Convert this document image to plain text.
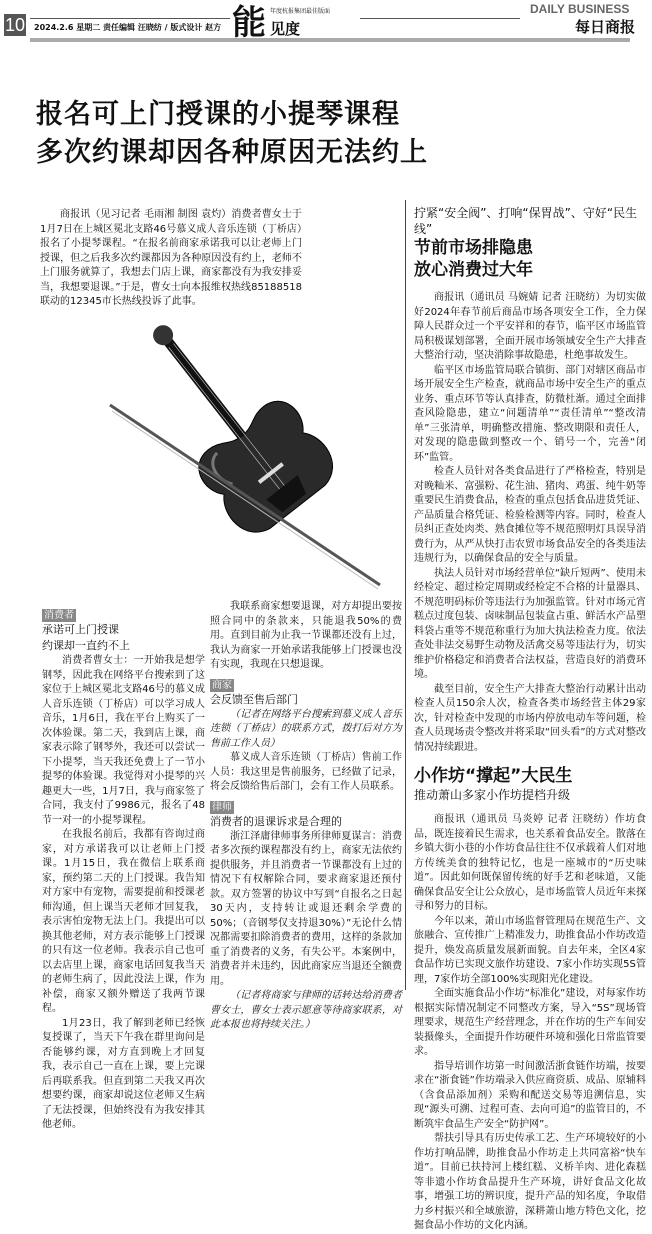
10 2024.2.6 星期二 责任编辑 汪晓纺 / 版式设计 赵方 能 年度杭报集团最佳版面
见度
DAILY BUSINESS
每日商报
报名可上门授课的小提琴课程
多次约课却因各种原因无法约上

商报讯（见习记者 毛雨湘 制图 袁灼）消费者曹女士于1月7日在上城区冕北支路46号慕义成人音乐连锁（丁桥店）报名了小提琴课程。“在报名前商家承诺我可以让老师上门授课，但之后我多次约课都因为各种原因没有约上，老师不上门服务就算了，我想去门店上课，商家都没有为我安排妥当，我想要退课。”于是，曹女士向本报维权热线85188518联动的12345市长热线投诉了此事。

消费者
承诺可上门授课
约课却一直约不上

消费者曹女士：一开始我是想学钢琴，因此我在网络平台搜索到了这家位于上城区冕北支路46号的慕义成人音乐连锁（丁桥店）可以学习成人音乐，1月6日，我在平台上购买了一次体验课。第二天，我到店上课，商家表示除了钢琴外，我还可以尝试一下小提琴，当天我还免费上了一节小提琴的体验课。我觉得对小提琴的兴趣更大一些，1月7日，我与商家签了合同，我支付了9986元，报名了48节一对一的小提琴课程。

在我报名前后，我都有咨询过商家，对方承诺我可以让老师上门授课。1月15日，我在微信上联系商家，预约第二天的上门授课。我告知对方家中有宠物，需要提前和授课老师沟通，但上课当天老师才回复我，表示害怕宠物无法上门。我提出可以换其他老师，对方表示能够上门授课的只有这一位老师。我表示自己也可以去店里上课，商家电话回复我当天的老师生病了，因此没法上课，作为补偿，商家又额外赠送了我两节课程。

1月23日，我了解到老师已经恢复授课了，当天下午我在群里询问是否能够约课，对方直到晚上才回复我，表示自己一直在上课，要上完课后再联系我。但直到第二天我又再次想要约课，商家却说这位老师又生病了无法授课，但始终没有为我安排其他老师。

我联系商家想要退课，对方却提出要按照合同中的条款来，只能退我50%的费用。直到目前为止我一节课都还没有上过，我认为商家一开始承诺我能够上门授课也没有实现，我现在只想退课。

商家
会反馈至售后部门

（记者在网络平台搜索到慕义成人音乐连锁（丁桥店）的联系方式，拨打后对方为售前工作人员）

慕义成人音乐连锁（丁桥店）售前工作人员：我这里是售前服务，已经做了记录，将会反馈给售后部门，会有工作人员联系。

律师
消费者的退课诉求是合理的

浙江泽庸律师事务所律师夏谋言：消费者多次预约课程都没有约上，商家无法依约提供服务，并且消费者一节课都没有上过的情况下有权解除合同，要求商家退还预付款。双方签署的协议中写到“自报名之日起30天内，支持转让或退还剩余学费的50%；（音钢琴仅支持退30%）”无论什么情况都需要扣除消费者的费用，这样的条款加重了消费者的义务，有失公平。本案例中，消费者并未违约，因此商家应当退还全额费用。

（记者将商家与律师的话转达给消费者曹女士，曹女士表示愿意等待商家联系，对此本报也将持续关注。）

拧紧“安全阀”、打响“保胃战”、守好“民生线”
节前市场排隐患
放心消费过大年

商报讯（通讯员 马婉婧 记者 汪晓纺）为切实做好2024年春节前后商品市场各项安全工作，全力保障人民群众过一个平安祥和的春节，临平区市场监管局积极谋划部署，全面开展市场领域安全生产大排查大整治行动，坚决消除事故隐患，杜绝事故发生。

临平区市场监管局联合镇街、部门对辖区商品市场开展安全生产检查，就商品市场中安全生产的重点业务、重点环节等认真排查，防微杜渐。通过全面排查风险隐患，建立“问题清单”“责任清单”“整改清单”三张清单，明确整改措施、整改期限和责任人，对发现的隐患做到整改一个、销号一个，完善“闭环”监管。

检查人员针对各类食品进行了严格检查，特别是对晚籼米、富强粉、花生油、猪肉、鸡蛋、纯牛奶等重要民生消费食品，检查的重点包括食品进货凭证、产品质量合格凭证、检验检测等内容。同时，检查人员纠正查处肉类、熟食摊位等不规范照明灯具误导消费行为，从严从快打击农贸市场食品安全的各类违法违规行为，以确保食品的安全与质量。

执法人员针对市场经营单位“缺斤短两”、使用未经检定、超过检定周期或经检定不合格的计量器具、不规范明码标价等违法行为加强监管。针对市场元宵糕点过度包装、卤味制品包装盒占重、鲜活水产品塑料袋占重等不规范称重行为加大执法检查力度。依法查处非法交易野生动物及活禽交易等违法行为，切实维护价格稳定和消费者合法权益，营造良好的消费环境。

截至目前，安全生产大排查大整治行动累计出动检查人员150余人次，检查各类市场经营主体29家次，针对检查中发现的市场内停放电动车等问题，检查人员现场责令整改并将采取“回头看”的方式对整改情况持续跟进。

小作坊“撑起”大民生
推动萧山多家小作坊提档升级

商报讯（通讯员 马炎婷 记者 汪晓纺）作坊食品，既连接着民生需求，也关系着食品安全。散落在乡镇大街小巷的小作坊食品往往不仅承载着人们对地方传统美食的独特记忆，也是一座城市的“历史味道”。因此如何既保留传统的好手艺和老味道，又能确保食品安全让公众放心，是市场监管人员近年来探寻和努力的目标。

今年以来，萧山市场监督管理局在规范生产、文旅融合、宣传推广上精准发力，助推食品小作坊改造提升，焕发高质量发展新面貌。自去年来，全区4家食品作坊已实现文旅作坊建设、7家小作坊实现5S管理，7家作坊全部100%实现阳光化建设。

全面实施食品小作坊“标准化”建设，对每家作坊根据实际情况制定不同整改方案，导入“5S”现场管理要求，规范生产经营理念，并在作坊的生产车间安装摄像头，全面提升作坊硬件环境和强化日常监管要求。

指导培训作坊第一时间激活浙食链作坊端，按要求在“浙食链”作坊端录入供应商资质、成品、原辅料（含食品添加剂）采购和配送交易等追溯信息，实现“源头可溯、过程可查、去向可追”的监管目的，不断筑牢食品生产安全“防护网”。

帮扶引导具有历史传承工艺、生产环境较好的小作坊打响品牌，助推食品小作坊走上共同富裕“快车道”。目前已扶持河上楼红糕、义桥羊肉、进化森糕等非遗小作坊食品提升生产环境，讲好食品文化故事，增强工坊的辨识度，提升产品的知名度，争取借力乡村振兴和全域旅游，深耕萧山地方特色文化，挖掘食品小作坊的文化内涵。
